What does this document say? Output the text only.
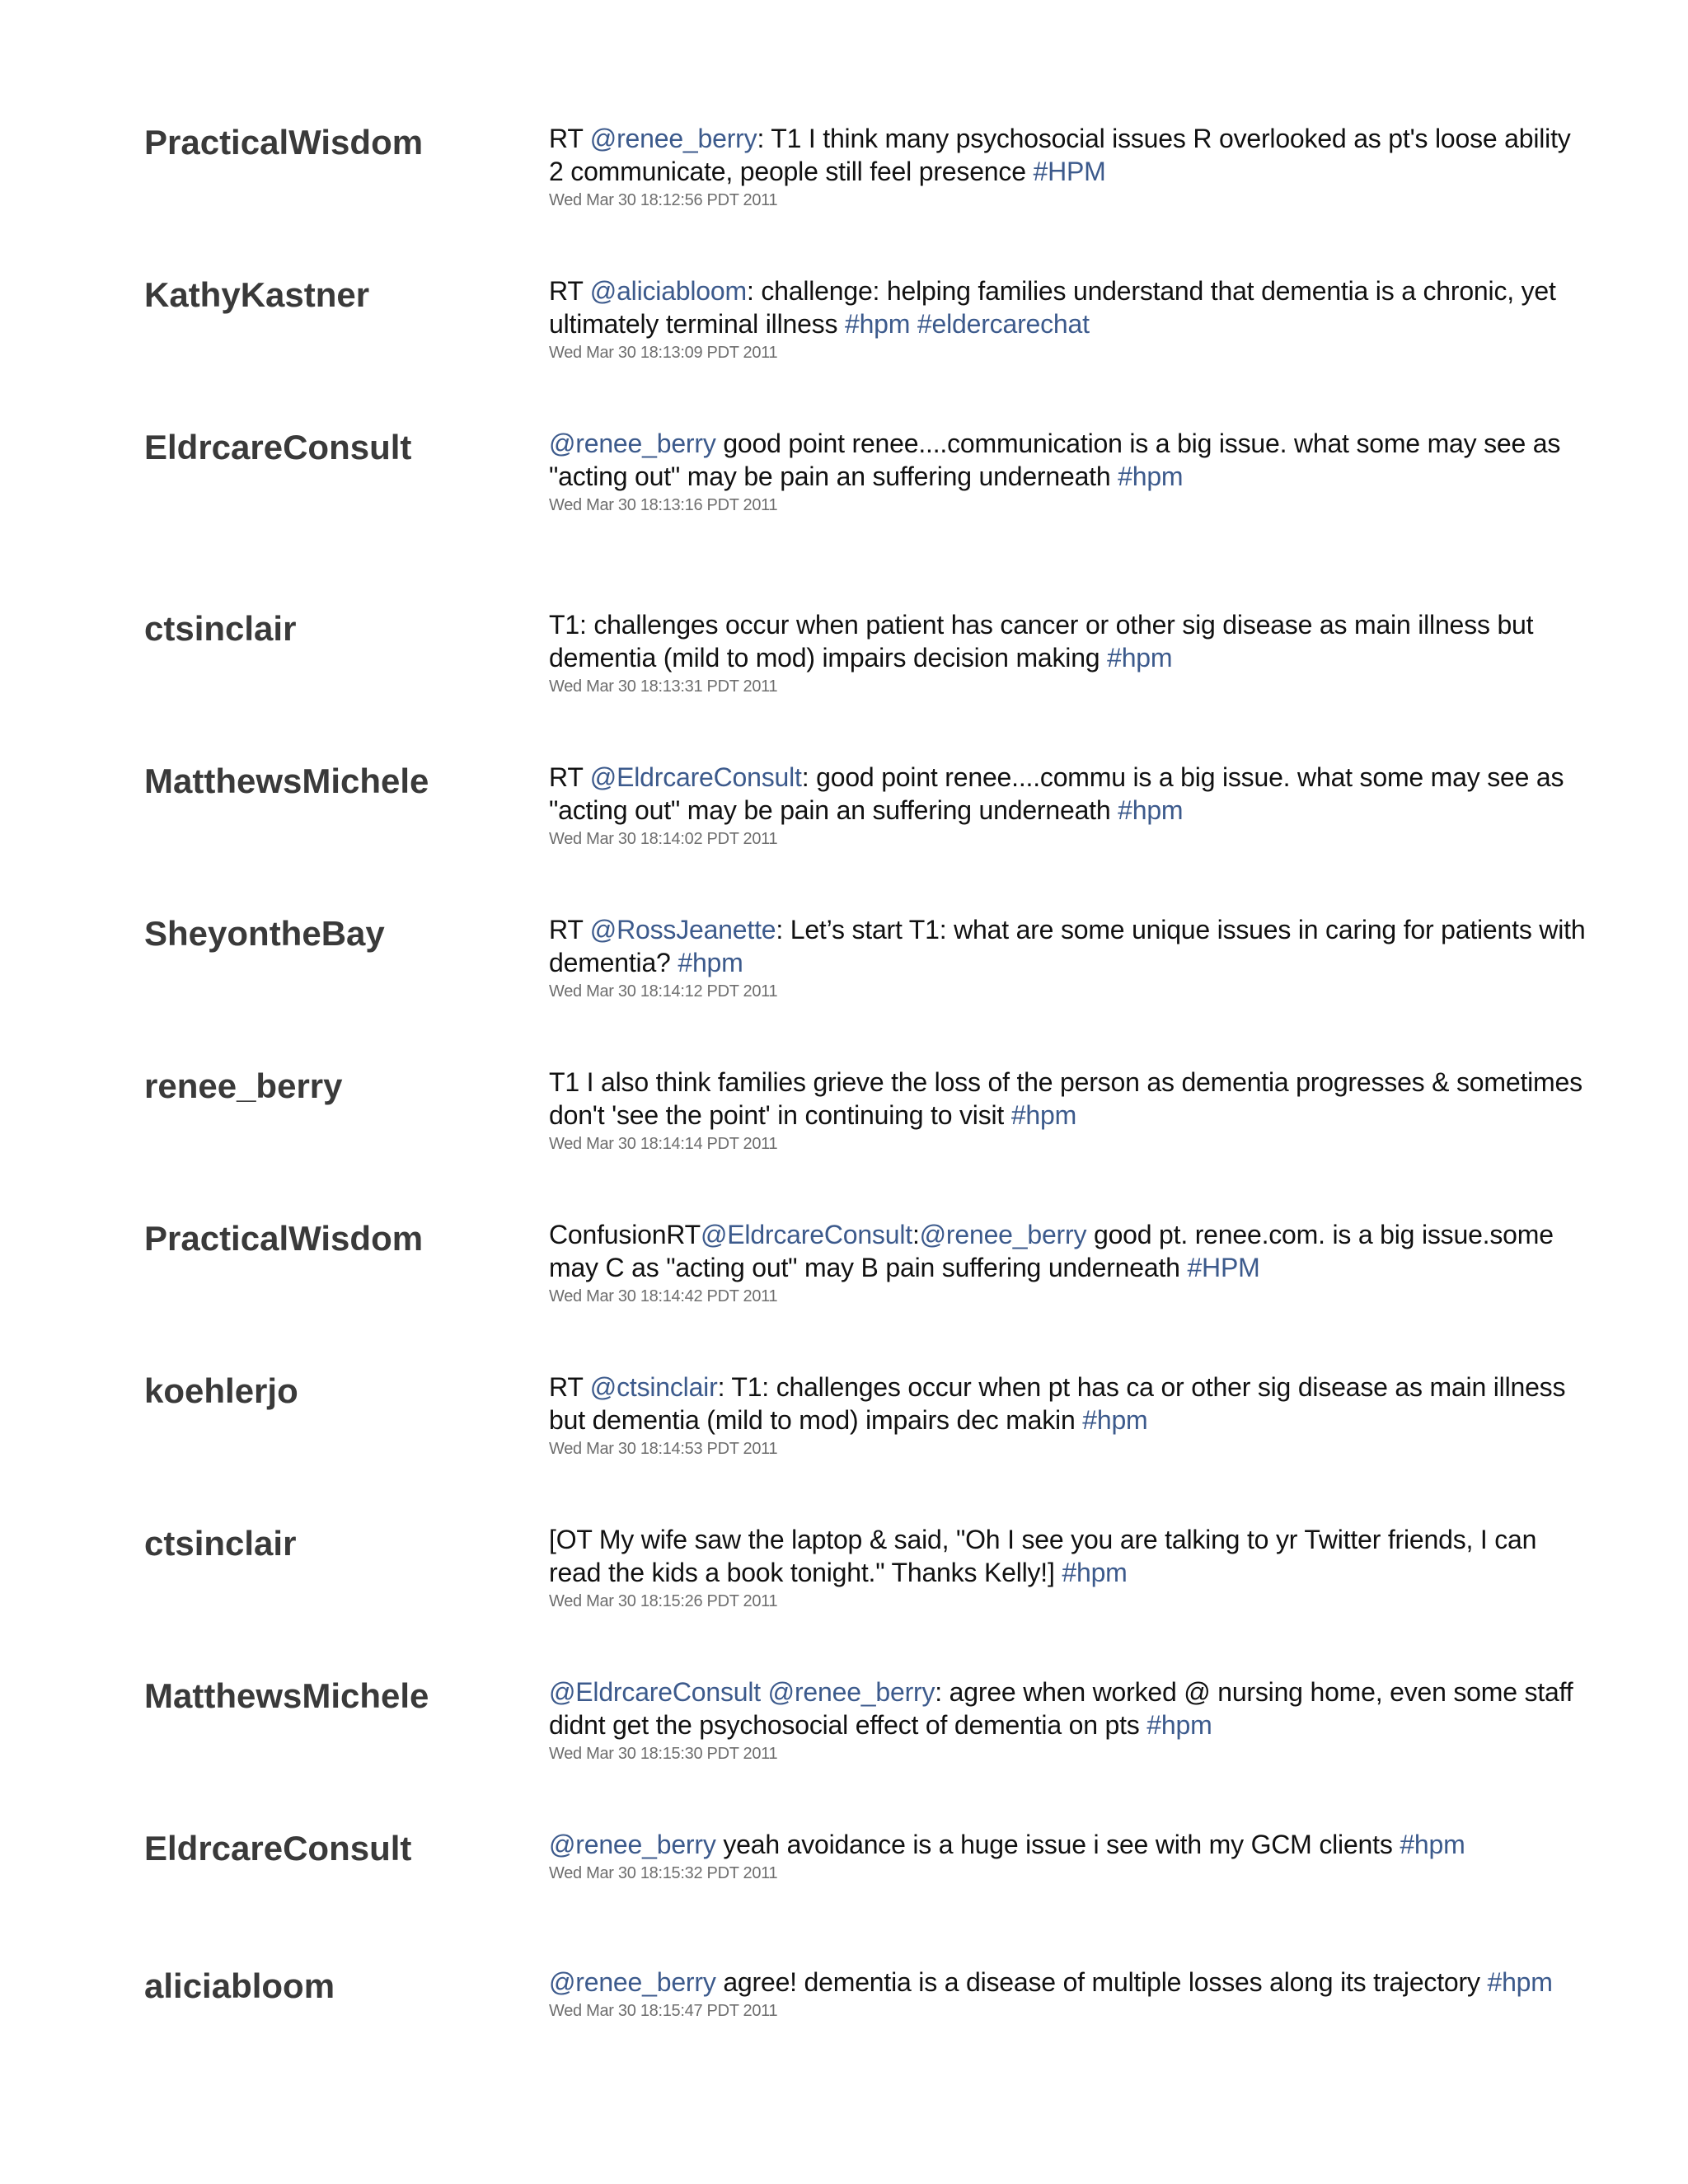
PracticalWisdom	RT @renee_berry: T1 I think many psychosocial issues R overlooked as pt's loose ability 2 communicate, people still feel presence #HPM
Wed Mar 30 18:12:56 PDT 2011
KathyKastner	RT @aliciabloom: challenge: helping families understand that dementia is a chronic, yet ultimately terminal illness #hpm #eldercarechat
Wed Mar 30 18:13:09 PDT 2011
EldrcareConsult	@renee_berry good point renee....communication is a big issue. what some may see as "acting out" may be pain an suffering underneath #hpm
Wed Mar 30 18:13:16 PDT 2011
ctsinclair	T1: challenges occur when patient has cancer or other sig disease as main illness but dementia (mild to mod) impairs decision making #hpm
Wed Mar 30 18:13:31 PDT 2011
MatthewsMichele	RT @EldrcareConsult: good point renee....commu is a big issue. what some may see as "acting out" may be pain an suffering underneath #hpm
Wed Mar 30 18:14:02 PDT 2011
SheyontheBay	RT @RossJeanette: Let’s start T1: what are some unique issues in caring for patients with dementia? #hpm
Wed Mar 30 18:14:12 PDT 2011
renee_berry	T1 I also think families grieve the loss of the person as dementia progresses & sometimes don't 'see the point' in continuing to visit #hpm
Wed Mar 30 18:14:14 PDT 2011
PracticalWisdom	ConfusionRT@EldrcareConsult:@renee_berry good pt. renee.com. is a big issue.some may C as "acting out" may B pain suffering underneath #HPM
Wed Mar 30 18:14:42 PDT 2011
koehlerjo	RT @ctsinclair: T1: challenges occur when pt has ca or other sig disease as main illness but dementia (mild to mod) impairs dec makin #hpm
Wed Mar 30 18:14:53 PDT 2011
ctsinclair	[OT My wife saw the laptop & said, "Oh I see you are talking to yr Twitter friends, I can read the kids a book tonight." Thanks Kelly!] #hpm
Wed Mar 30 18:15:26 PDT 2011
MatthewsMichele	@EldrcareConsult @renee_berry: agree when worked @ nursing home, even some staff didnt get the psychosocial effect of dementia on pts #hpm
Wed Mar 30 18:15:30 PDT 2011
EldrcareConsult	@renee_berry yeah avoidance is a huge issue i see with my GCM clients #hpm
Wed Mar 30 18:15:32 PDT 2011
aliciabloom	@renee_berry agree! dementia is a disease of multiple losses along its trajectory #hpm
Wed Mar 30 18:15:47 PDT 2011
